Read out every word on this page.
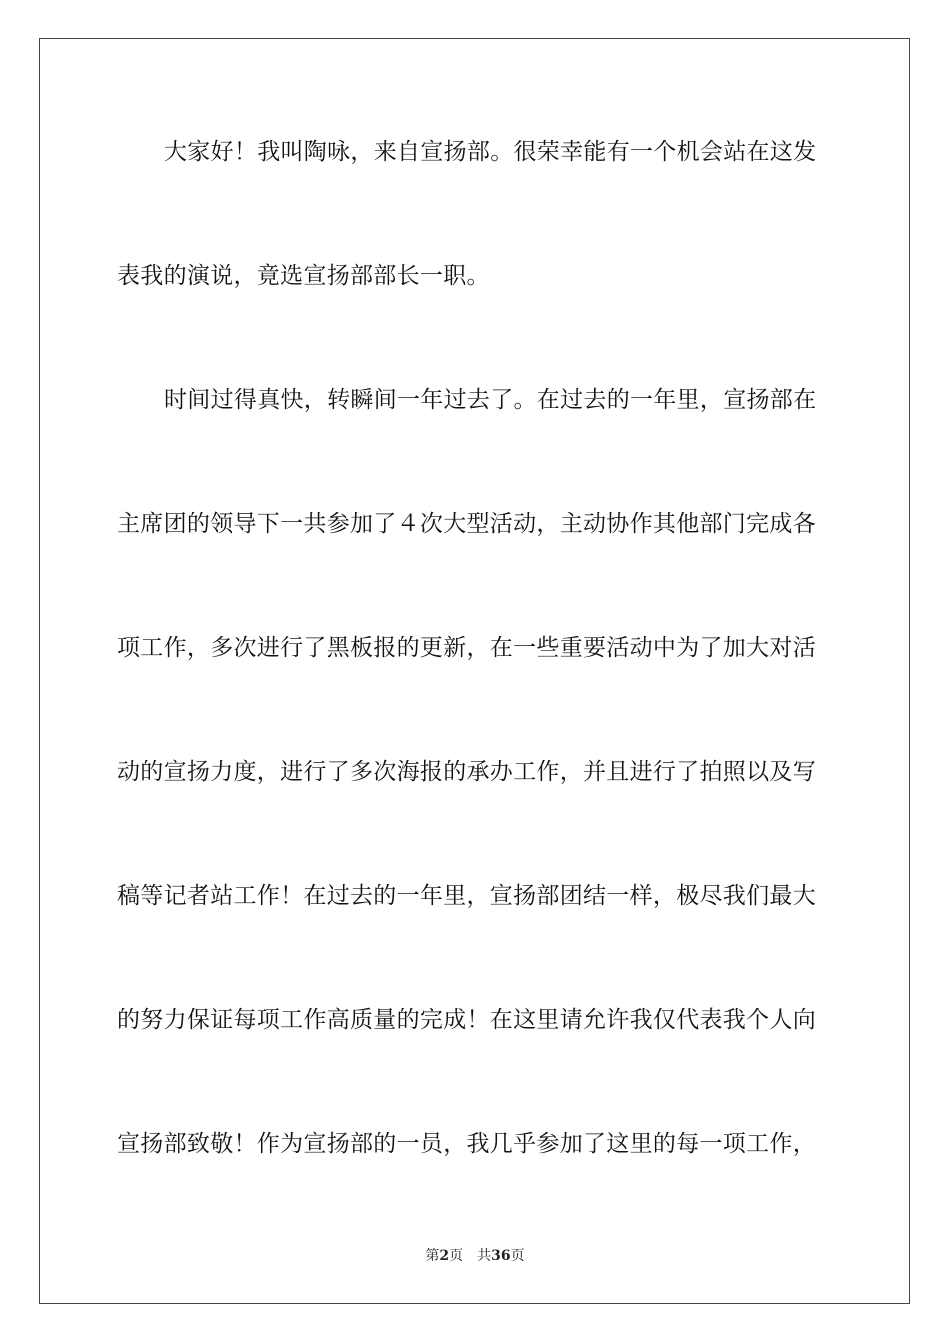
大家好！我叫陶咏，来自宣扬部。很荣幸能有一个机会站在这发
表我的演说，竟选宣扬部部长一职。
时间过得真快，转瞬间一年过去了。在过去的一年里，宣扬部在
主席团的领导下一共参加了４次大型活动，主动协作其他部门完成各
项工作，多次进行了黑板报的更新，在一些重要活动中为了加大对活
动的宣扬力度，进行了多次海报的承办工作，并且进行了拍照以及写
稿等记者站工作！在过去的一年里，宣扬部团结一样，极尽我们最大
的努力保证每项工作高质量的完成！在这里请允许我仅代表我个人向
宣扬部致敬！作为宣扬部的一员，我几乎参加了这里的每一项工作，
第2页 共36页
